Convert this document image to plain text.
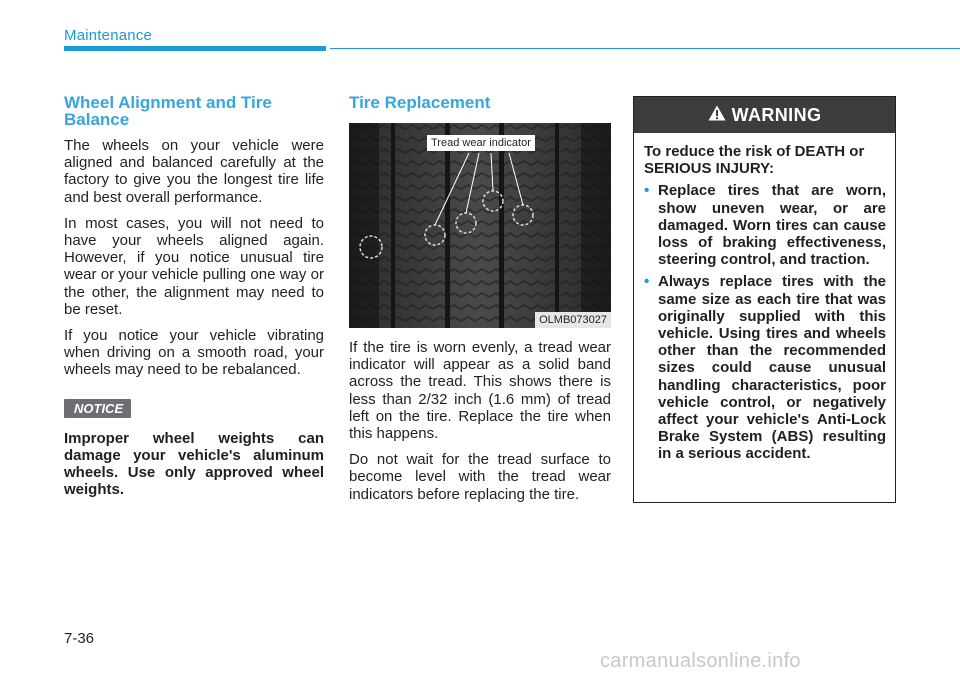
Maintenance
Wheel Alignment and Tire Balance

The wheels on your vehicle were aligned and balanced carefully at the factory to give you the longest tire life and best overall performance.

In most cases, you will not need to have your wheels aligned again. However, if you notice unusual tire wear or your vehicle pulling one way or the other, the alignment may need to be reset.

If you notice your vehicle vibrating when driving on a smooth road, your wheels may need to be rebalanced.

NOTICE

Improper wheel weights can damage your vehicle's aluminum wheels. Use only approved wheel weights.

Tire Replacement
Tread wear indicator
OLMB073027

If the tire is worn evenly, a tread wear indicator will appear as a solid band across the tread. This shows there is less than 2/32 inch (1.6 mm) of tread left on the tire. Replace the tire when this happens.

Do not wait for the tread surface to become level with the tread wear indicators before replacing the tire.

WARNING

To reduce the risk of DEATH or SERIOUS INJURY:

• Replace tires that are worn, show uneven wear, or are damaged. Worn tires can cause loss of braking effectiveness, steering control, and traction.
• Always replace tires with the same size as each tire that was originally supplied with this vehicle. Using tires and wheels other than the recommended sizes could cause unusual handling characteristics, poor vehicle control, or negatively affect your vehicle's Anti-Lock Brake System (ABS) resulting in a serious accident.
7-36
carmanualsonline.info
